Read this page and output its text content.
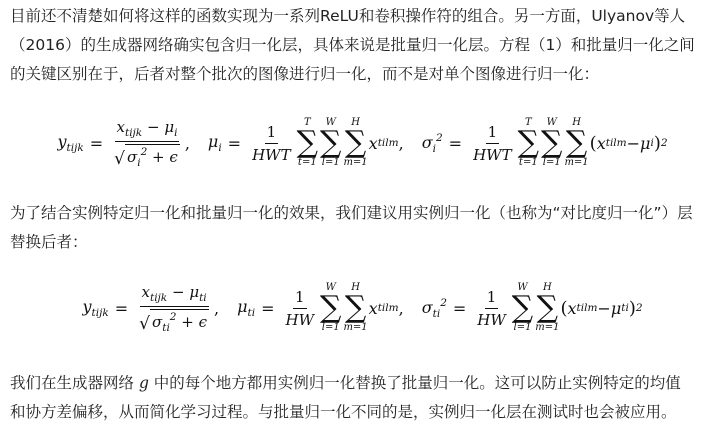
目前还不清楚如何将这样的函数实现为一系列ReLU和卷积操作符的组合。另一方面，Ulyanov等人
（2016）的生成器网络确实包含归一化层，具体来说是批量归一化层。方程（1）和批量归一化之间
的关键区别在于，后者对整个批次的图像进行归一化，而不是对单个图像进行归一化：

$y_{tijk} = \frac{x_{tijk} - \mu_i}{√ \sigma_i^2 + \epsilon}$ , $\mu_i = \frac{1}{\text{HWT}}$ T
∑
t=1
W
∑
l=1
H
∑
m=1
x tilm , $\sigma_i^2 = \frac{1}{\text{HWT}}$ T
∑
t=1
W
∑
l=1
H
∑
m=1
( x tilm − μ i ) 2

为了结合实例特定归一化和批量归一化的效果，我们建议用实例归一化（也称为“对比度归一化”）层
替换后者：

$y_{tijk} = \frac{x_{tijk} - \mu_{ti}}{√ \sigma_{ti}^2 + \epsilon}$ , $\mu_{ti} = \frac{1}{HW}$ W
∑
l=1
H
∑
m=1
x tilm , $\sigma_{ti}^2 = \frac{1}{HW}$ W
∑
l=1
H
∑
m=1
( x tilm − μ ti ) 2

我们在生成器网络 g 中的每个地方都用实例归一化替换了批量归一化。这可以防止实例特定的均值
和协方差偏移，从而简化学习过程。与批量归一化不同的是，实例归一化层在测试时也会被应用。
